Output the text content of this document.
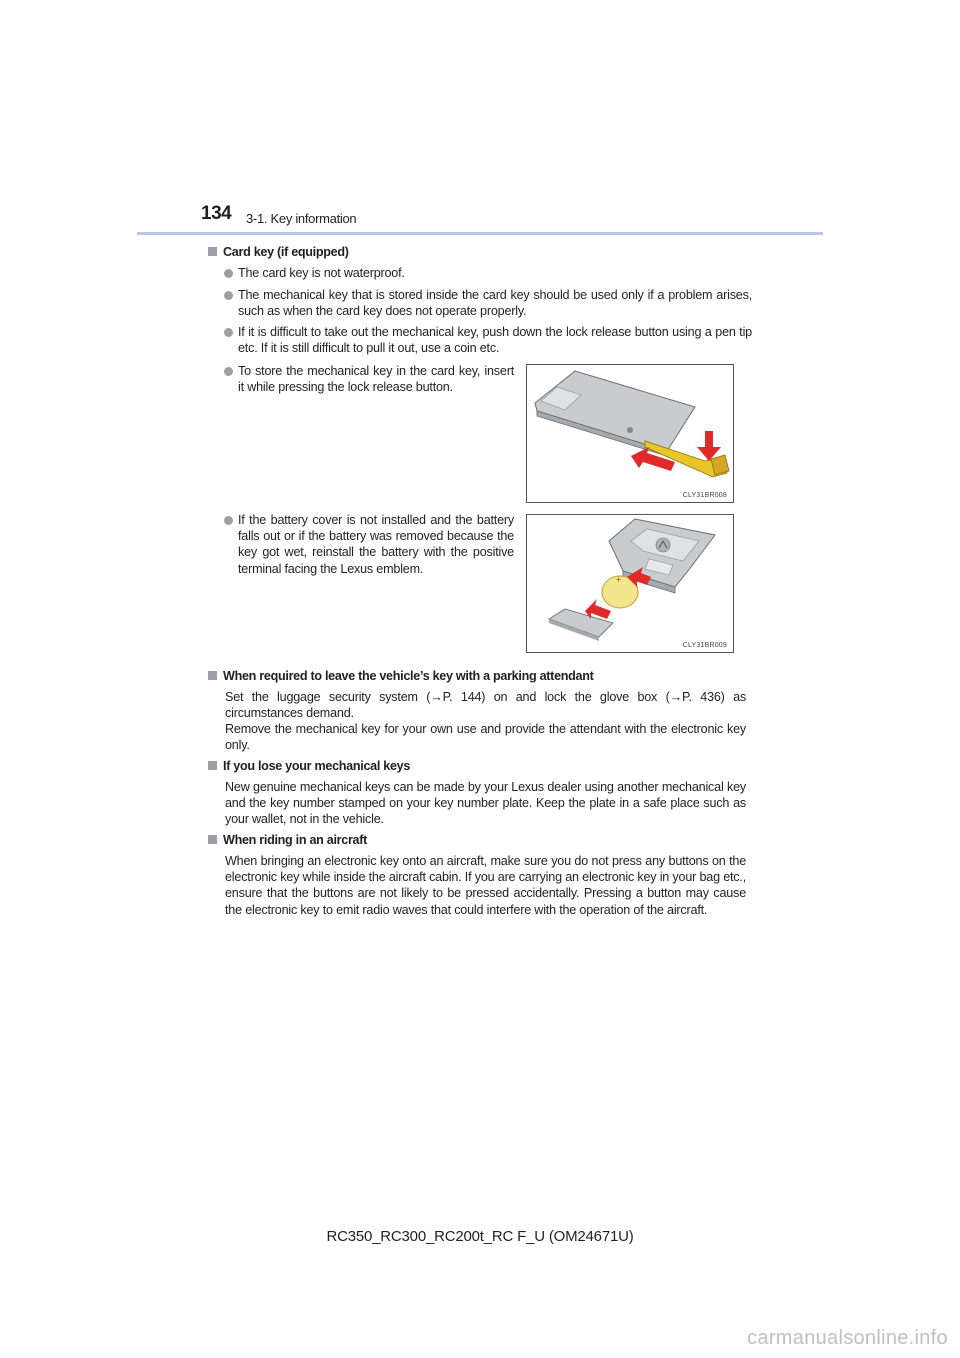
134 3-1. Key information
Card key (if equipped)
The card key is not waterproof.
The mechanical key that is stored inside the card key should be used only if a problem arises, such as when the card key does not operate properly.
If it is difficult to take out the mechanical key, push down the lock release button using a pen tip etc. If it is still difficult to pull it out, use a coin etc.
To store the mechanical key in the card key, insert it while pressing the lock release button.
If the battery cover is not installed and the battery falls out or if the battery was removed because the key got wet, reinstall the battery with the positive terminal facing the Lexus emblem.
CLY31BR008
+
CLY31BR009
When required to leave the vehicle’s key with a parking attendant
Set the luggage security system (→P. 144) on and lock the glove box (→P. 436) as circumstances demand.
Remove the mechanical key for your own use and provide the attendant with the electronic key only.
If you lose your mechanical keys
New genuine mechanical keys can be made by your Lexus dealer using another mechanical key and the key number stamped on your key number plate. Keep the plate in a safe place such as your wallet, not in the vehicle.
When riding in an aircraft
When bringing an electronic key onto an aircraft, make sure you do not press any buttons on the electronic key while inside the aircraft cabin. If you are carrying an electronic key in your bag etc., ensure that the buttons are not likely to be pressed accidentally. Pressing a button may cause the electronic key to emit radio waves that could interfere with the operation of the aircraft.
RC350_RC300_RC200t_RC F_U (OM24671U)
carmanualsonline.info
